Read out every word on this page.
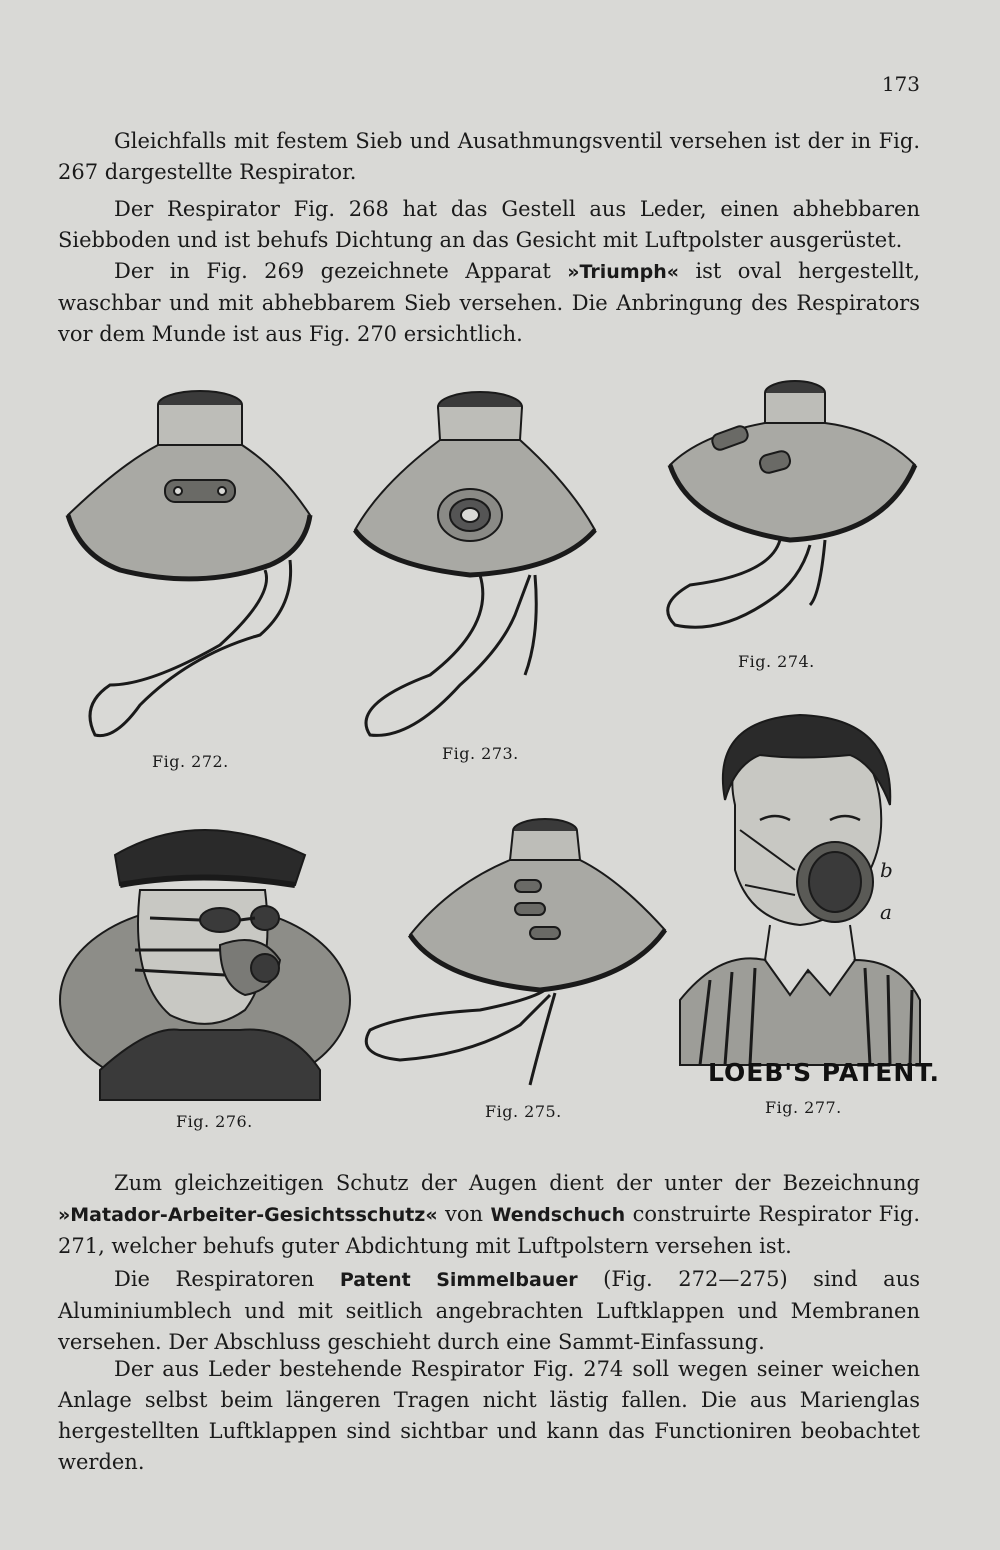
173

Gleichfalls mit festem Sieb und Ausathmungsventil versehen ist der in Fig. 267 dargestellte Respirator.

Der Respirator Fig. 268 hat das Gestell aus Leder, einen abhebbaren Siebboden und ist behufs Dichtung an das Gesicht mit Luftpolster ausgerüstet.

Der in Fig. 269 gezeichnete Apparat »Triumph« ist oval hergestellt, waschbar und mit abhebbarem Sieb versehen. Die Anbringung des Respirators vor dem Munde ist aus Fig. 270 ersichtlich.

Fig. 272.	Fig. 273.
Fig. 274.
b
a
LOEB'S PATENT.
Fig. 277.
Fig. 276.
Fig. 275.

Zum gleichzeitigen Schutz der Augen dient der unter der Bezeichnung »Matador-Arbeiter-Gesichtsschutz« von Wendschuch construirte Respirator Fig. 271, welcher behufs guter Abdichtung mit Luftpolstern versehen ist.

Die Respiratoren Patent Simmelbauer (Fig. 272—275) sind aus Aluminiumblech und mit seitlich angebrachten Luftklappen und Membranen versehen. Der Abschluss geschieht durch eine Sammt-Einfassung.

Der aus Leder bestehende Respirator Fig. 274 soll wegen seiner weichen Anlage selbst beim längeren Tragen nicht lästig fallen. Die aus Marienglas hergestellten Luftklappen sind sichtbar und kann das Functioniren beobachtet werden.
